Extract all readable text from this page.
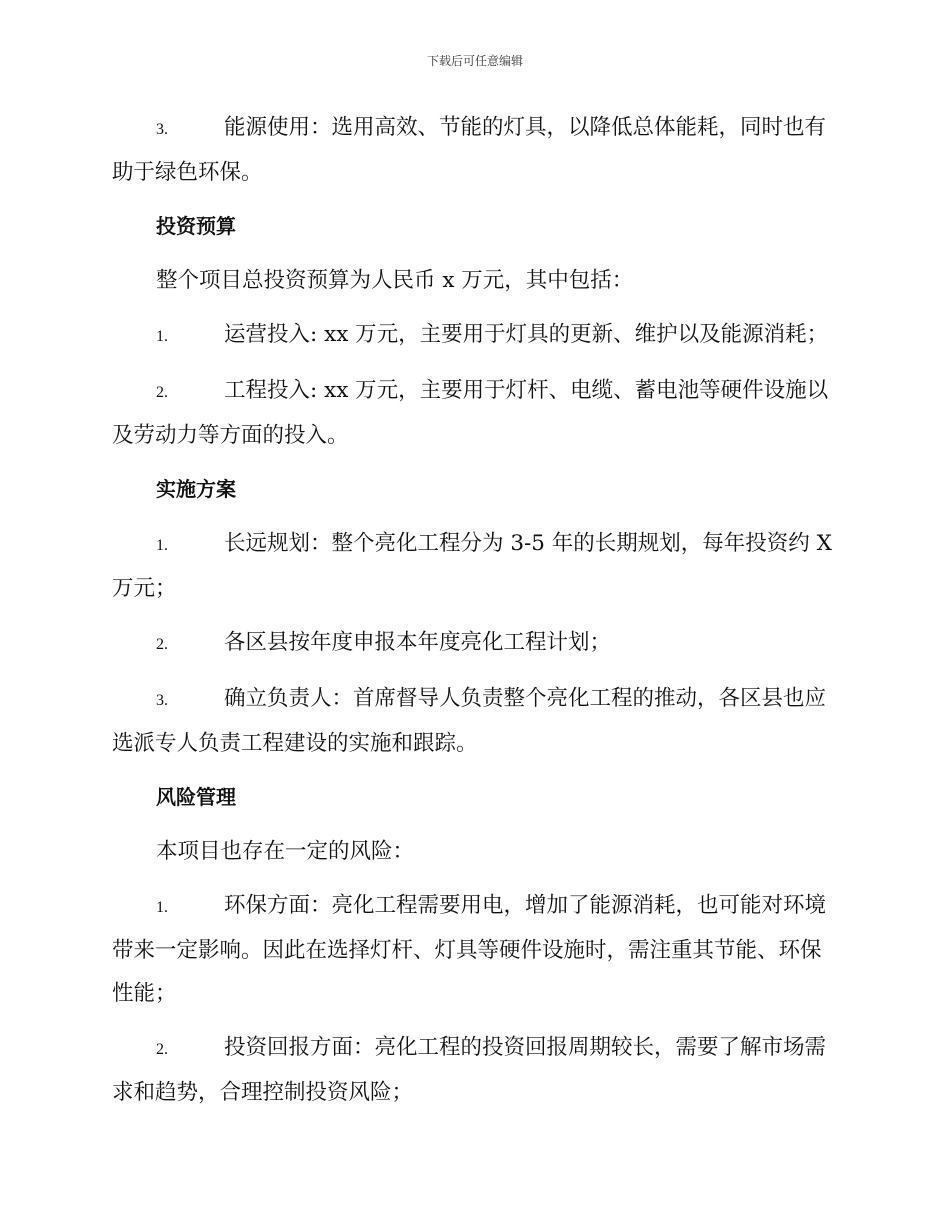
下载后可任意编辑
3.	能源使用：选用高效、节能的灯具，以降低总体能耗，同时也有助于绿色环保。
投资预算
整个项目总投资预算为人民币 x 万元，其中包括：
1.	运营投入: xx 万元，主要用于灯具的更新、维护以及能源消耗；
2.	工程投入: xx 万元，主要用于灯杆、电缆、蓄电池等硬件设施以及劳动力等方面的投入。
实施方案
1.	长远规划：整个亮化工程分为 3-5 年的长期规划，每年投资约 X 万元；
2.	各区县按年度申报本年度亮化工程计划；
3.	确立负责人：首席督导人负责整个亮化工程的推动，各区县也应选派专人负责工程建设的实施和跟踪。
风险管理
本项目也存在一定的风险：
1.	环保方面：亮化工程需要用电，增加了能源消耗，也可能对环境带来一定影响。因此在选择灯杆、灯具等硬件设施时，需注重其节能、环保性能；
2.	投资回报方面：亮化工程的投资回报周期较长，需要了解市场需求和趋势，合理控制投资风险；
